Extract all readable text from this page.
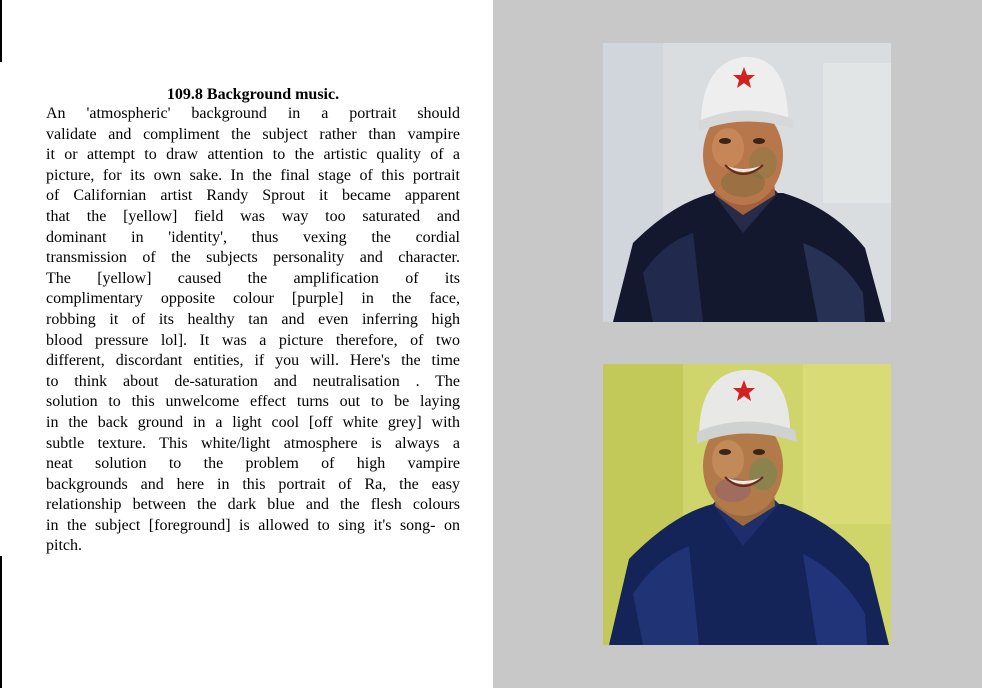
109.8 Background music.
An 'atmospheric' background in a portrait should
validate and compliment the subject rather than vampire
it or attempt to draw attention to the artistic quality of a
picture, for its own sake. In the final stage of this portrait
of Californian artist Randy Sprout it became apparent
that the [yellow] field was way too saturated and
dominant in 'identity', thus vexing the cordial
transmission of the subjects personality and character.
The [yellow] caused the amplification of its
complimentary opposite colour [purple] in the face,
robbing it of its healthy tan and even inferring high
blood pressure lol]. It was a picture therefore, of two
different, discordant entities, if you will. Here's the time
to think about de-saturation and neutralisation . The
solution to this unwelcome effect turns out to be laying
in the back ground in a light cool [off white grey] with
subtle texture. This white/light atmosphere is always a
neat solution to the problem of high vampire
backgrounds and here in this portrait of Ra, the easy
relationship between the dark blue and the flesh colours
in the subject [foreground] is allowed to sing it's song- on
pitch.
